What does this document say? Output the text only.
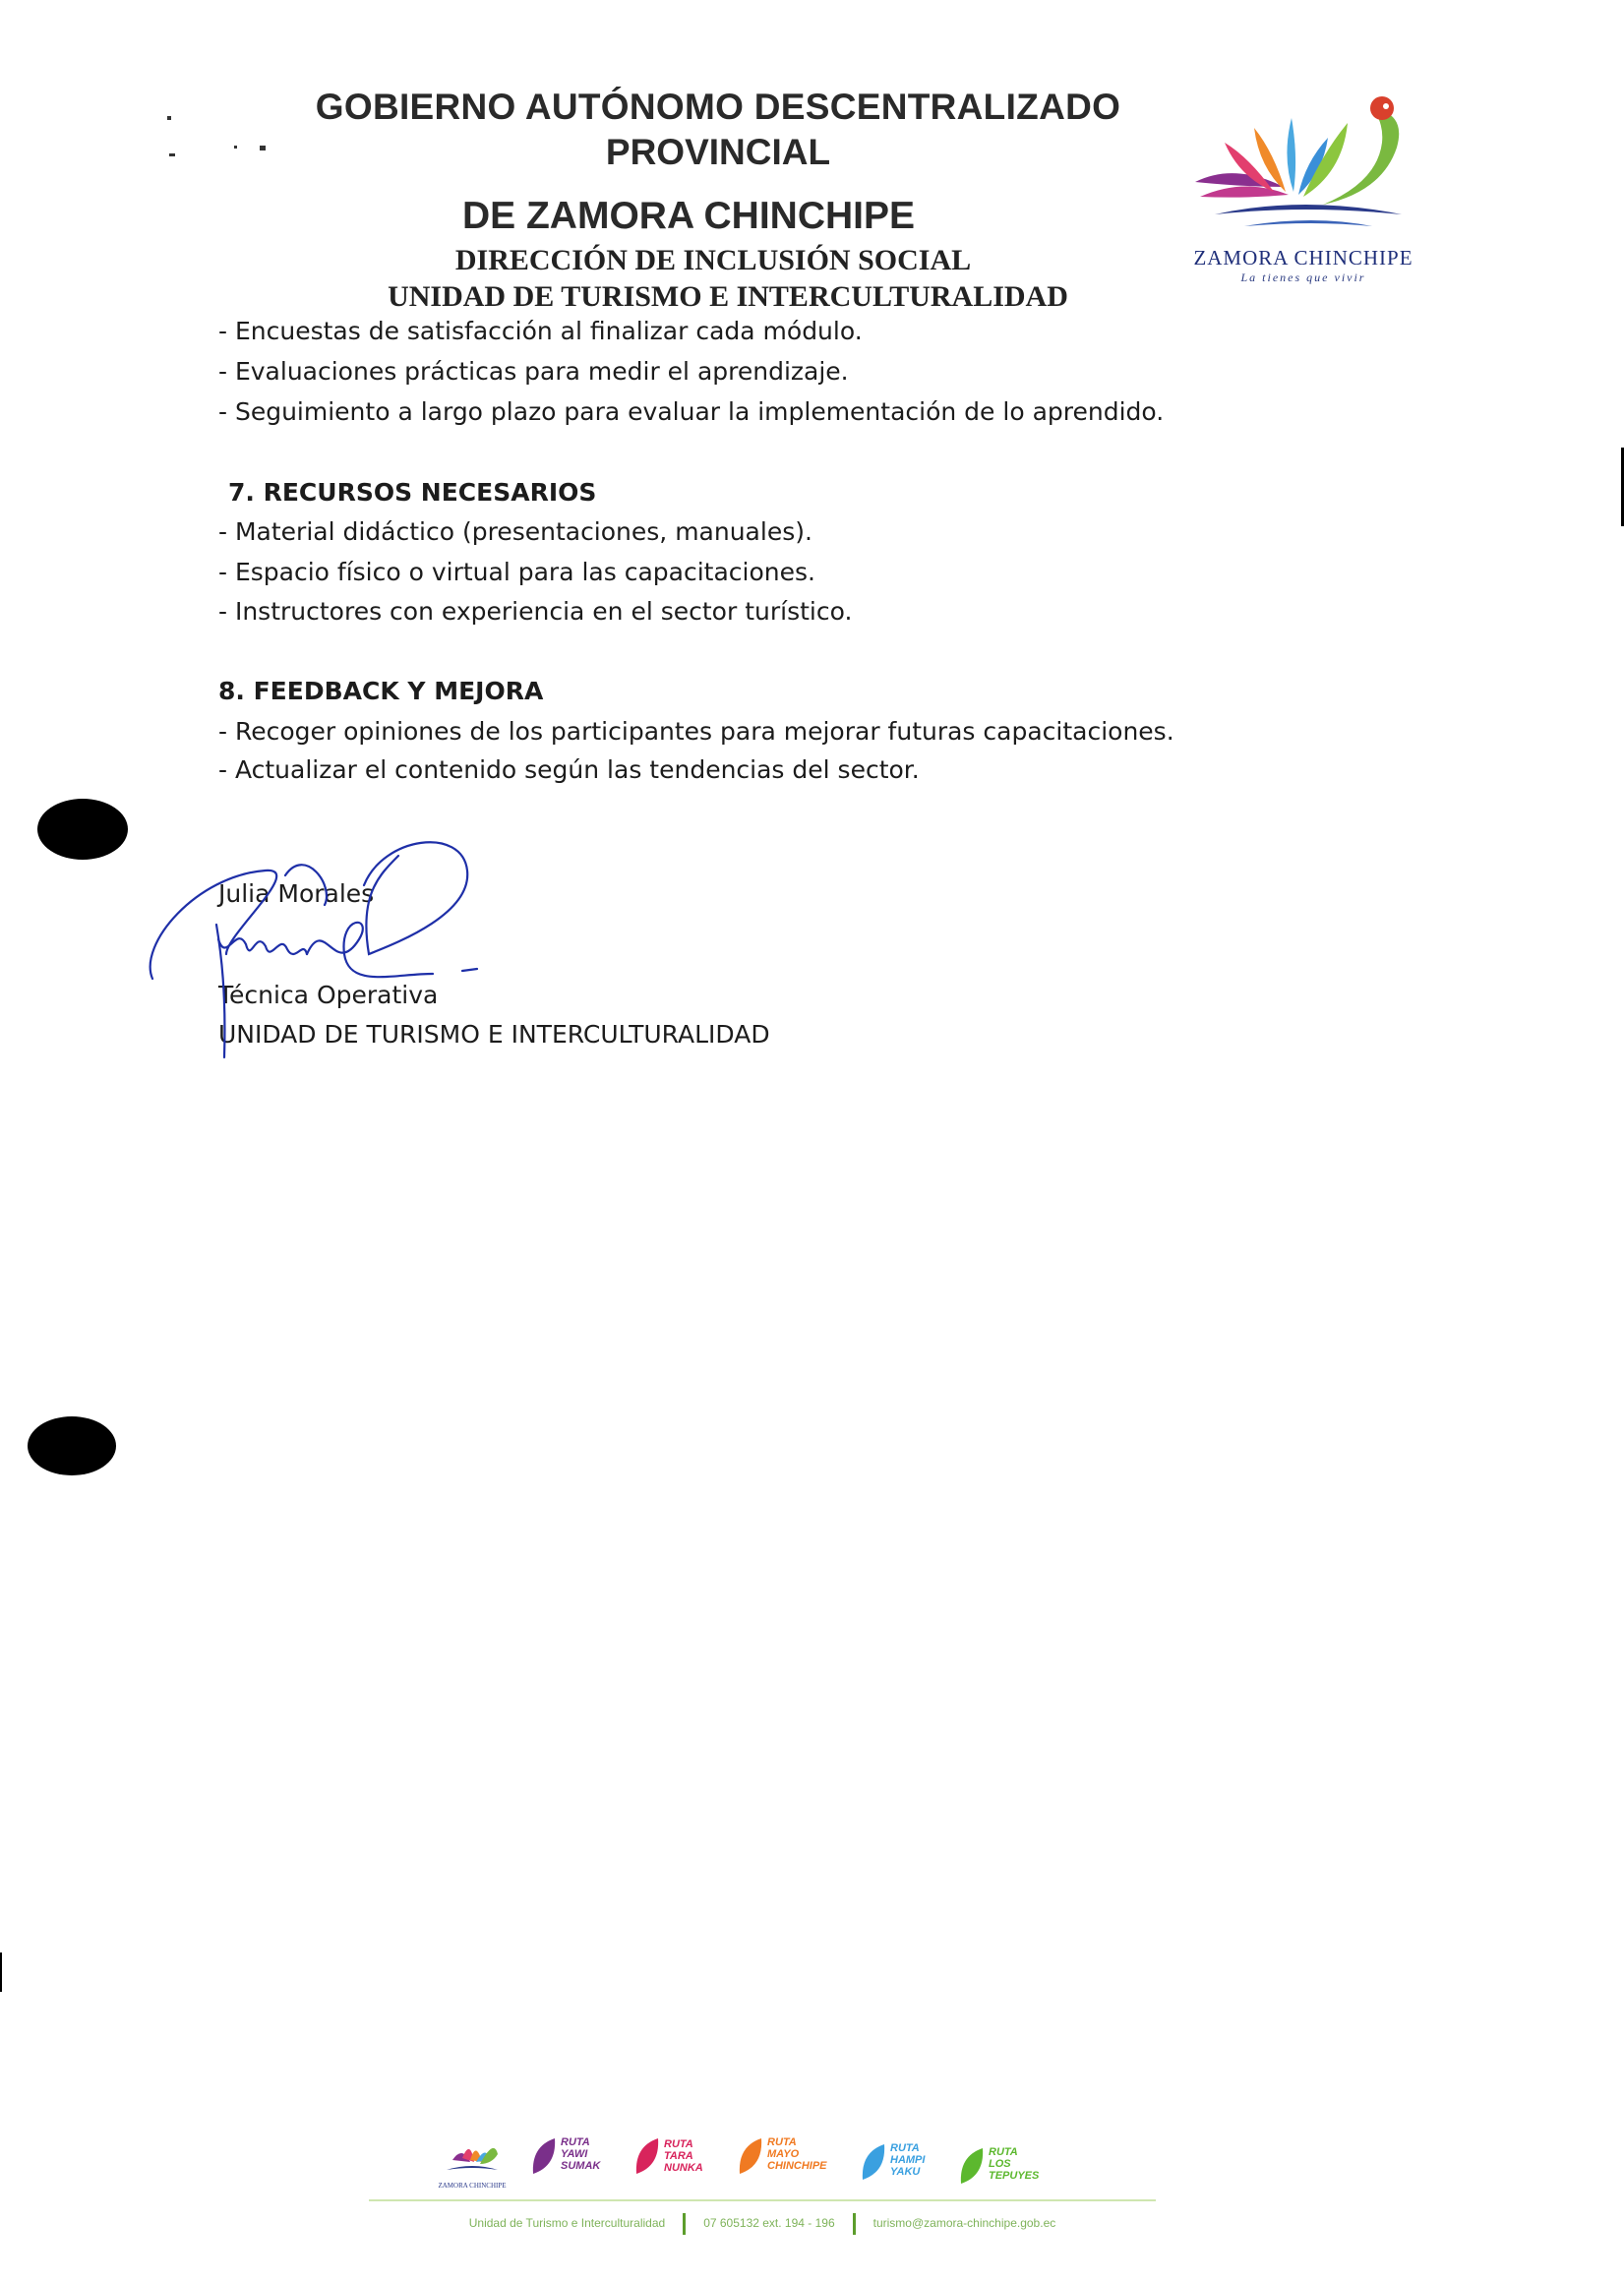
GOBIERNO AUTÓNOMO DESCENTRALIZADO
PROVINCIAL
DE ZAMORA CHINCHIPE
DIRECCIÓN DE INCLUSIÓN SOCIAL
UNIDAD DE TURISMO E INTERCULTURALIDAD
ZAMORA CHINCHIPE
La tienes que vivir
- Encuestas de satisfacción al finalizar cada módulo.
- Evaluaciones prácticas para medir el aprendizaje.
- Seguimiento a largo plazo para evaluar la implementación de lo aprendido.
7. RECURSOS NECESARIOS
- Material didáctico (presentaciones, manuales).
- Espacio físico o virtual para las capacitaciones.
- Instructores con experiencia en el sector turístico.
8. FEEDBACK Y MEJORA
- Recoger opiniones de los participantes para mejorar futuras capacitaciones.
- Actualizar el contenido según las tendencias del sector.
Julia Morales
Técnica Operativa
UNIDAD DE TURISMO E INTERCULTURALIDAD
ZAMORA CHINCHIPE
RUTA
YAWI
SUMAK
RUTA
TARA
NUNKA
RUTA
MAYO
CHINCHIPE
RUTA
HAMPI
YAKU
RUTA
LOS
TEPUYES
Unidad de Turismo e Interculturalidad	07 605132 ext. 194 - 196	turismo@zamora-chinchipe.gob.ec
